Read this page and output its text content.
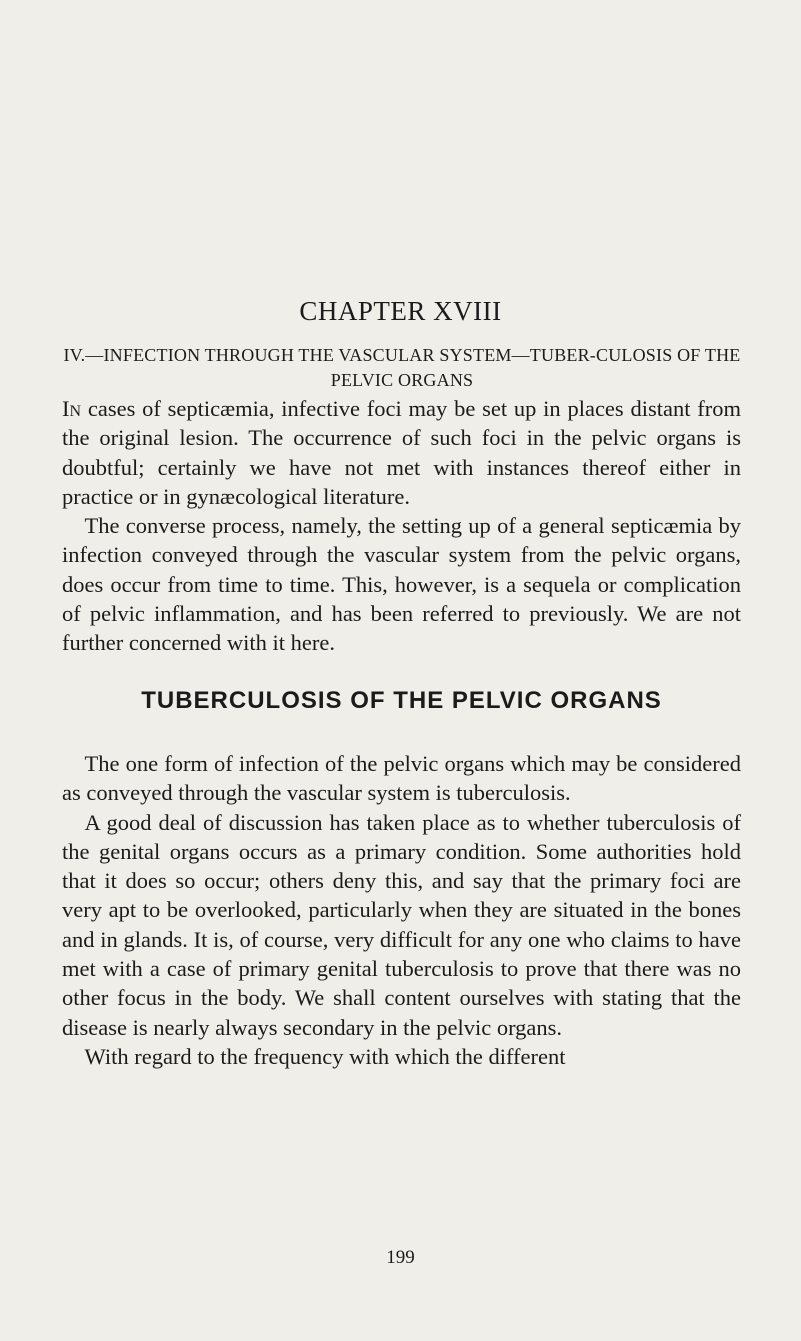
CHAPTER XVIII
IV.—INFECTION THROUGH THE VASCULAR SYSTEM—TUBER-CULOSIS OF THE PELVIC ORGANS

In cases of septicæmia, infective foci may be set up in places distant from the original lesion. The occurrence of such foci in the pelvic organs is doubtful; certainly we have not met with instances thereof either in practice or in gynæcological literature.

The converse process, namely, the setting up of a general septicæmia by infection conveyed through the vascular system from the pelvic organs, does occur from time to time. This, however, is a sequela or complication of pelvic inflammation, and has been referred to previously. We are not further concerned with it here.

TUBERCULOSIS OF THE PELVIC ORGANS

The one form of infection of the pelvic organs which may be considered as conveyed through the vascular system is tuberculosis.

A good deal of discussion has taken place as to whether tuberculosis of the genital organs occurs as a primary condition. Some authorities hold that it does so occur; others deny this, and say that the primary foci are very apt to be overlooked, particularly when they are situated in the bones and in glands. It is, of course, very difficult for any one who claims to have met with a case of primary genital tuberculosis to prove that there was no other focus in the body. We shall content ourselves with stating that the disease is nearly always secondary in the pelvic organs.

With regard to the frequency with which the different

199
